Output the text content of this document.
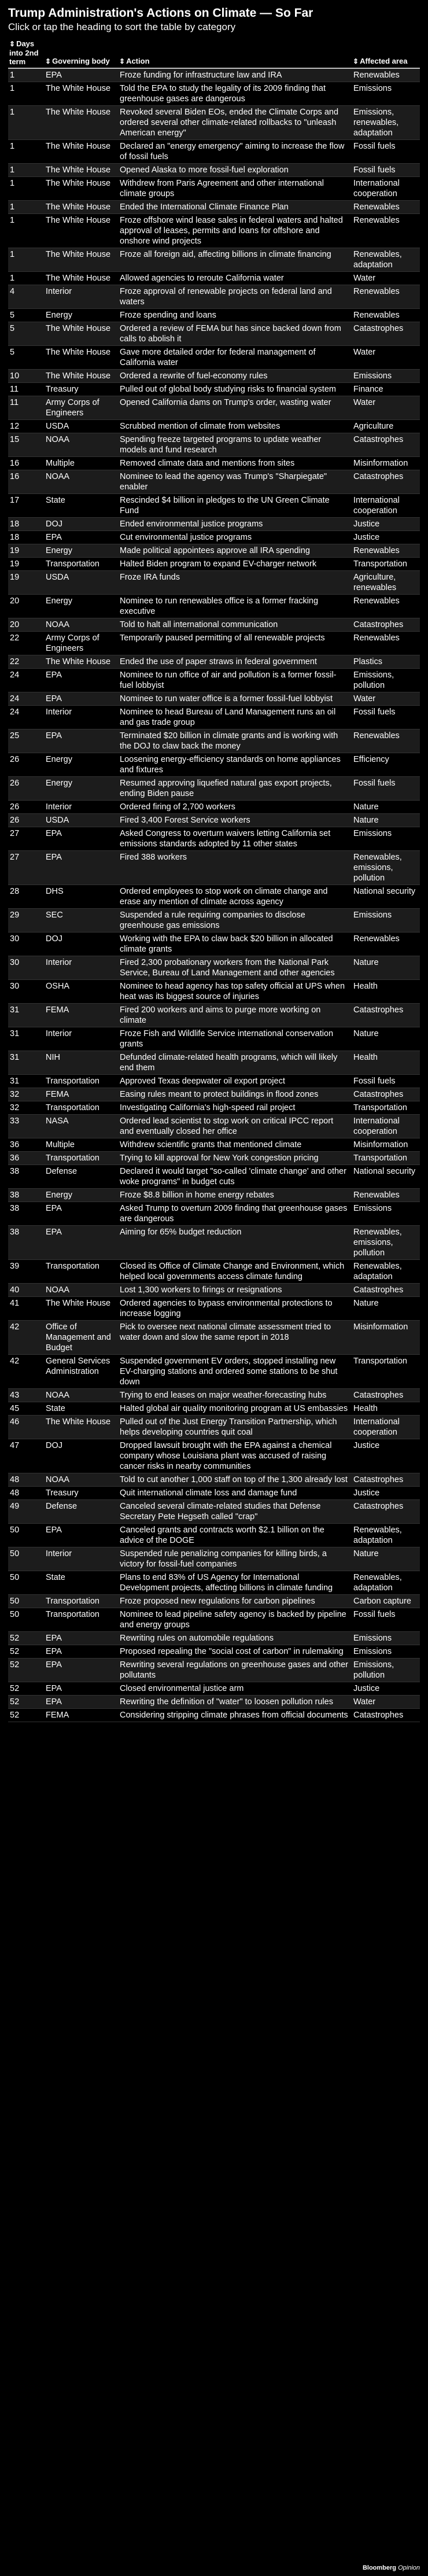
Trump Administration's Actions on Climate — So Far

Click or tap the heading to sort the table by category

⇕ Days into 2nd term	⇕ Governing body	⇕ Action	⇕ Affected area
1	EPA	Froze funding for infrastructure law and IRA	Renewables
1	The White House	Told the EPA to study the legality of its 2009 finding that greenhouse gases are dangerous	Emissions
1	The White House	Revoked several Biden EOs, ended the Climate Corps and ordered several other climate-related rollbacks to "unleash American energy"	Emissions, renewables, adaptation
1	The White House	Declared an "energy emergency" aiming to increase the flow of fossil fuels	Fossil fuels
1	The White House	Opened Alaska to more fossil-fuel exploration	Fossil fuels
1	The White House	Withdrew from Paris Agreement and other international climate groups	International cooperation
1	The White House	Ended the International Climate Finance Plan	Renewables
1	The White House	Froze offshore wind lease sales in federal waters and halted approval of leases, permits and loans for offshore and onshore wind projects	Renewables
1	The White House	Froze all foreign aid, affecting billions in climate financing	Renewables, adaptation
1	The White House	Allowed agencies to reroute California water	Water
4	Interior	Froze approval of renewable projects on federal land and waters	Renewables
5	Energy	Froze spending and loans	Renewables
5	The White House	Ordered a review of FEMA but has since backed down from calls to abolish it	Catastrophes
5	The White House	Gave more detailed order for federal management of California water	Water
10	The White House	Ordered a rewrite of fuel-economy rules	Emissions
11	Treasury	Pulled out of global body studying risks to financial system	Finance
11	Army Corps of Engineers	Opened California dams on Trump's order, wasting water	Water
12	USDA	Scrubbed mention of climate from websites	Agriculture
15	NOAA	Spending freeze targeted programs to update weather models and fund research	Catastrophes
16	Multiple	Removed climate data and mentions from sites	Misinformation
16	NOAA	Nominee to lead the agency was Trump's "Sharpiegate" enabler	Catastrophes
17	State	Rescinded $4 billion in pledges to the UN Green Climate Fund	International cooperation
18	DOJ	Ended environmental justice programs	Justice
18	EPA	Cut environmental justice programs	Justice
19	Energy	Made political appointees approve all IRA spending	Renewables
19	Transportation	Halted Biden program to expand EV-charger network	Transportation
19	USDA	Froze IRA funds	Agriculture, renewables
20	Energy	Nominee to run renewables office is a former fracking executive	Renewables
20	NOAA	Told to halt all international communication	Catastrophes
22	Army Corps of Engineers	Temporarily paused permitting of all renewable projects	Renewables
22	The White House	Ended the use of paper straws in federal government	Plastics
24	EPA	Nominee to run office of air and pollution is a former fossil-fuel lobbyist	Emissions, pollution
24	EPA	Nominee to run water office is a former fossil-fuel lobbyist	Water
24	Interior	Nominee to head Bureau of Land Management runs an oil and gas trade group	Fossil fuels
25	EPA	Terminated $20 billion in climate grants and is working with the DOJ to claw back the money	Renewables
26	Energy	Loosening energy-efficiency standards on home appliances and fixtures	Efficiency
26	Energy	Resumed approving liquefied natural gas export projects, ending Biden pause	Fossil fuels
26	Interior	Ordered firing of 2,700 workers	Nature
26	USDA	Fired 3,400 Forest Service workers	Nature
27	EPA	Asked Congress to overturn waivers letting California set emissions standards adopted by 11 other states	Emissions
27	EPA	Fired 388 workers	Renewables, emissions, pollution
28	DHS	Ordered employees to stop work on climate change and erase any mention of climate across agency	National security
29	SEC	Suspended a rule requiring companies to disclose greenhouse gas emissions	Emissions
30	DOJ	Working with the EPA to claw back $20 billion in allocated climate grants	Renewables
30	Interior	Fired 2,300 probationary workers from the National Park Service, Bureau of Land Management and other agencies	Nature
30	OSHA	Nominee to head agency has top safety official at UPS when heat was its biggest source of injuries	Health
31	FEMA	Fired 200 workers and aims to purge more working on climate	Catastrophes
31	Interior	Froze Fish and Wildlife Service international conservation grants	Nature
31	NIH	Defunded climate-related health programs, which will likely end them	Health
31	Transportation	Approved Texas deepwater oil export project	Fossil fuels
32	FEMA	Easing rules meant to protect buildings in flood zones	Catastrophes
32	Transportation	Investigating California's high-speed rail project	Transportation
33	NASA	Ordered lead scientist to stop work on critical IPCC report and eventually closed her office	International cooperation
36	Multiple	Withdrew scientific grants that mentioned climate	Misinformation
36	Transportation	Trying to kill approval for New York congestion pricing	Transportation
38	Defense	Declared it would target "so-called 'climate change' and other woke programs" in budget cuts	National security
38	Energy	Froze $8.8 billion in home energy rebates	Renewables
38	EPA	Asked Trump to overturn 2009 finding that greenhouse gases are dangerous	Emissions
38	EPA	Aiming for 65% budget reduction	Renewables, emissions, pollution
39	Transportation	Closed its Office of Climate Change and Environment, which helped local governments access climate funding	Renewables, adaptation
40	NOAA	Lost 1,300 workers to firings or resignations	Catastrophes
41	The White House	Ordered agencies to bypass environmental protections to increase logging	Nature
42	Office of Management and Budget	Pick to oversee next national climate assessment tried to water down and slow the same report in 2018	Misinformation
42	General Services Administration	Suspended government EV orders, stopped installing new EV-charging stations and ordered some stations to be shut down	Transportation
43	NOAA	Trying to end leases on major weather-forecasting hubs	Catastrophes
45	State	Halted global air quality monitoring program at US embassies	Health
46	The White House	Pulled out of the Just Energy Transition Partnership, which helps developing countries quit coal	International cooperation
47	DOJ	Dropped lawsuit brought with the EPA against a chemical company whose Louisiana plant was accused of raising cancer risks in nearby communities	Justice
48	NOAA	Told to cut another 1,000 staff on top of the 1,300 already lost	Catastrophes
48	Treasury	Quit international climate loss and damage fund	Justice
49	Defense	Canceled several climate-related studies that Defense Secretary Pete Hegseth called "crap"	Catastrophes
50	EPA	Canceled grants and contracts worth $2.1 billion on the advice of the DOGE	Renewables, adaptation
50	Interior	Suspended rule penalizing companies for killing birds, a victory for fossil-fuel companies	Nature
50	State	Plans to end 83% of US Agency for International Development projects, affecting billions in climate funding	Renewables, adaptation
50	Transportation	Froze proposed new regulations for carbon pipelines	Carbon capture
50	Transportation	Nominee to lead pipeline safety agency is backed by pipeline and energy groups	Fossil fuels
52	EPA	Rewriting rules on automobile regulations	Emissions
52	EPA	Proposed repealing the "social cost of carbon" in rulemaking	Emissions
52	EPA	Rewriting several regulations on greenhouse gases and other pollutants	Emissions, pollution
52	EPA	Closed environmental justice arm	Justice
52	EPA	Rewriting the definition of "water" to loosen pollution rules	Water
52	FEMA	Considering stripping climate phrases from official documents	Catastrophes
Bloomberg Opinion
